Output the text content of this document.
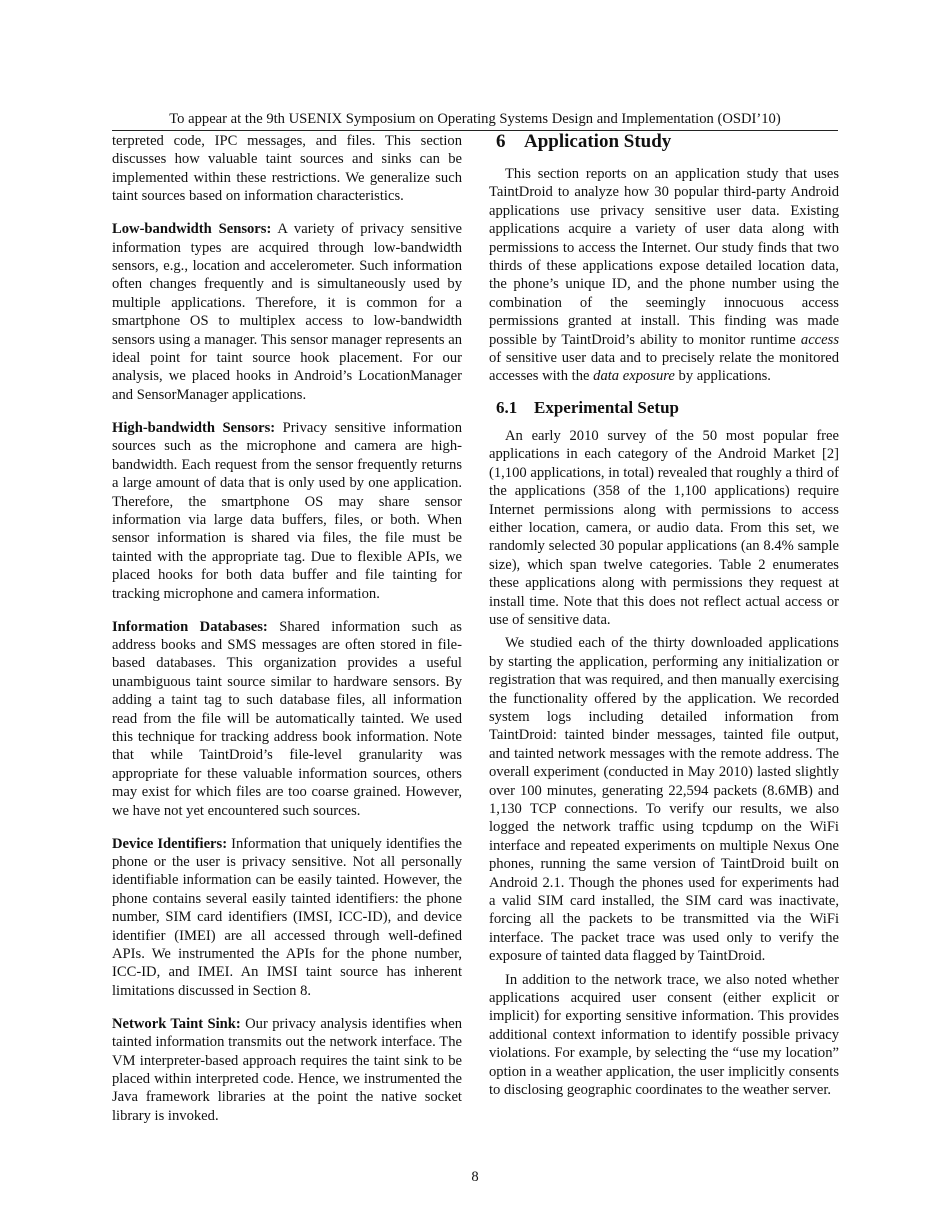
To appear at the 9th USENIX Symposium on Operating Systems Design and Implementation (OSDI’10)

terpreted code, IPC messages, and files. This section discusses how valuable taint sources and sinks can be implemented within these restrictions. We generalize such taint sources based on information characteristics.

Low-bandwidth Sensors: A variety of privacy sensitive information types are acquired through low-bandwidth sensors, e.g., location and accelerometer. Such information often changes frequently and is simultaneously used by multiple applications. Therefore, it is common for a smartphone OS to multiplex access to low-bandwidth sensors using a manager. This sensor manager represents an ideal point for taint source hook placement. For our analysis, we placed hooks in Android’s LocationManager and SensorManager applications.

High-bandwidth Sensors: Privacy sensitive information sources such as the microphone and camera are high-bandwidth. Each request from the sensor frequently returns a large amount of data that is only used by one application. Therefore, the smartphone OS may share sensor information via large data buffers, files, or both. When sensor information is shared via files, the file must be tainted with the appropriate tag. Due to flexible APIs, we placed hooks for both data buffer and file tainting for tracking microphone and camera information.

Information Databases: Shared information such as address books and SMS messages are often stored in file-based databases. This organization provides a useful unambiguous taint source similar to hardware sensors. By adding a taint tag to such database files, all information read from the file will be automatically tainted. We used this technique for tracking address book information. Note that while TaintDroid’s file-level granularity was appropriate for these valuable information sources, others may exist for which files are too coarse grained. However, we have not yet encountered such sources.

Device Identifiers: Information that uniquely identifies the phone or the user is privacy sensitive. Not all personally identifiable information can be easily tainted. However, the phone contains several easily tainted identifiers: the phone number, SIM card identifiers (IMSI, ICC-ID), and device identifier (IMEI) are all accessed through well-defined APIs. We instrumented the APIs for the phone number, ICC-ID, and IMEI. An IMSI taint source has inherent limitations discussed in Section 8.

Network Taint Sink: Our privacy analysis identifies when tainted information transmits out the network interface. The VM interpreter-based approach requires the taint sink to be placed within interpreted code. Hence, we instrumented the Java framework libraries at the point the native socket library is invoked.

6 Application Study

This section reports on an application study that uses TaintDroid to analyze how 30 popular third-party Android applications use privacy sensitive user data. Existing applications acquire a variety of user data along with permissions to access the Internet. Our study finds that two thirds of these applications expose detailed location data, the phone’s unique ID, and the phone number using the combination of the seemingly innocuous access permissions granted at install. This finding was made possible by TaintDroid’s ability to monitor runtime access of sensitive user data and to precisely relate the monitored accesses with the data exposure by applications.

6.1 Experimental Setup

An early 2010 survey of the 50 most popular free applications in each category of the Android Market [2] (1,100 applications, in total) revealed that roughly a third of the applications (358 of the 1,100 applications) require Internet permissions along with permissions to access either location, camera, or audio data. From this set, we randomly selected 30 popular applications (an 8.4% sample size), which span twelve categories. Table 2 enumerates these applications along with permissions they request at install time. Note that this does not reflect actual access or use of sensitive data.

We studied each of the thirty downloaded applications by starting the application, performing any initialization or registration that was required, and then manually exercising the functionality offered by the application. We recorded system logs including detailed information from TaintDroid: tainted binder messages, tainted file output, and tainted network messages with the remote address. The overall experiment (conducted in May 2010) lasted slightly over 100 minutes, generating 22,594 packets (8.6MB) and 1,130 TCP connections. To verify our results, we also logged the network traffic using tcpdump on the WiFi interface and repeated experiments on multiple Nexus One phones, running the same version of TaintDroid built on Android 2.1. Though the phones used for experiments had a valid SIM card installed, the SIM card was inactivate, forcing all the packets to be transmitted via the WiFi interface. The packet trace was used only to verify the exposure of tainted data flagged by TaintDroid.

In addition to the network trace, we also noted whether applications acquired user consent (either explicit or implicit) for exporting sensitive information. This provides additional context information to identify possible privacy violations. For example, by selecting the “use my location” option in a weather application, the user implicitly consents to disclosing geographic coordinates to the weather server.

8
